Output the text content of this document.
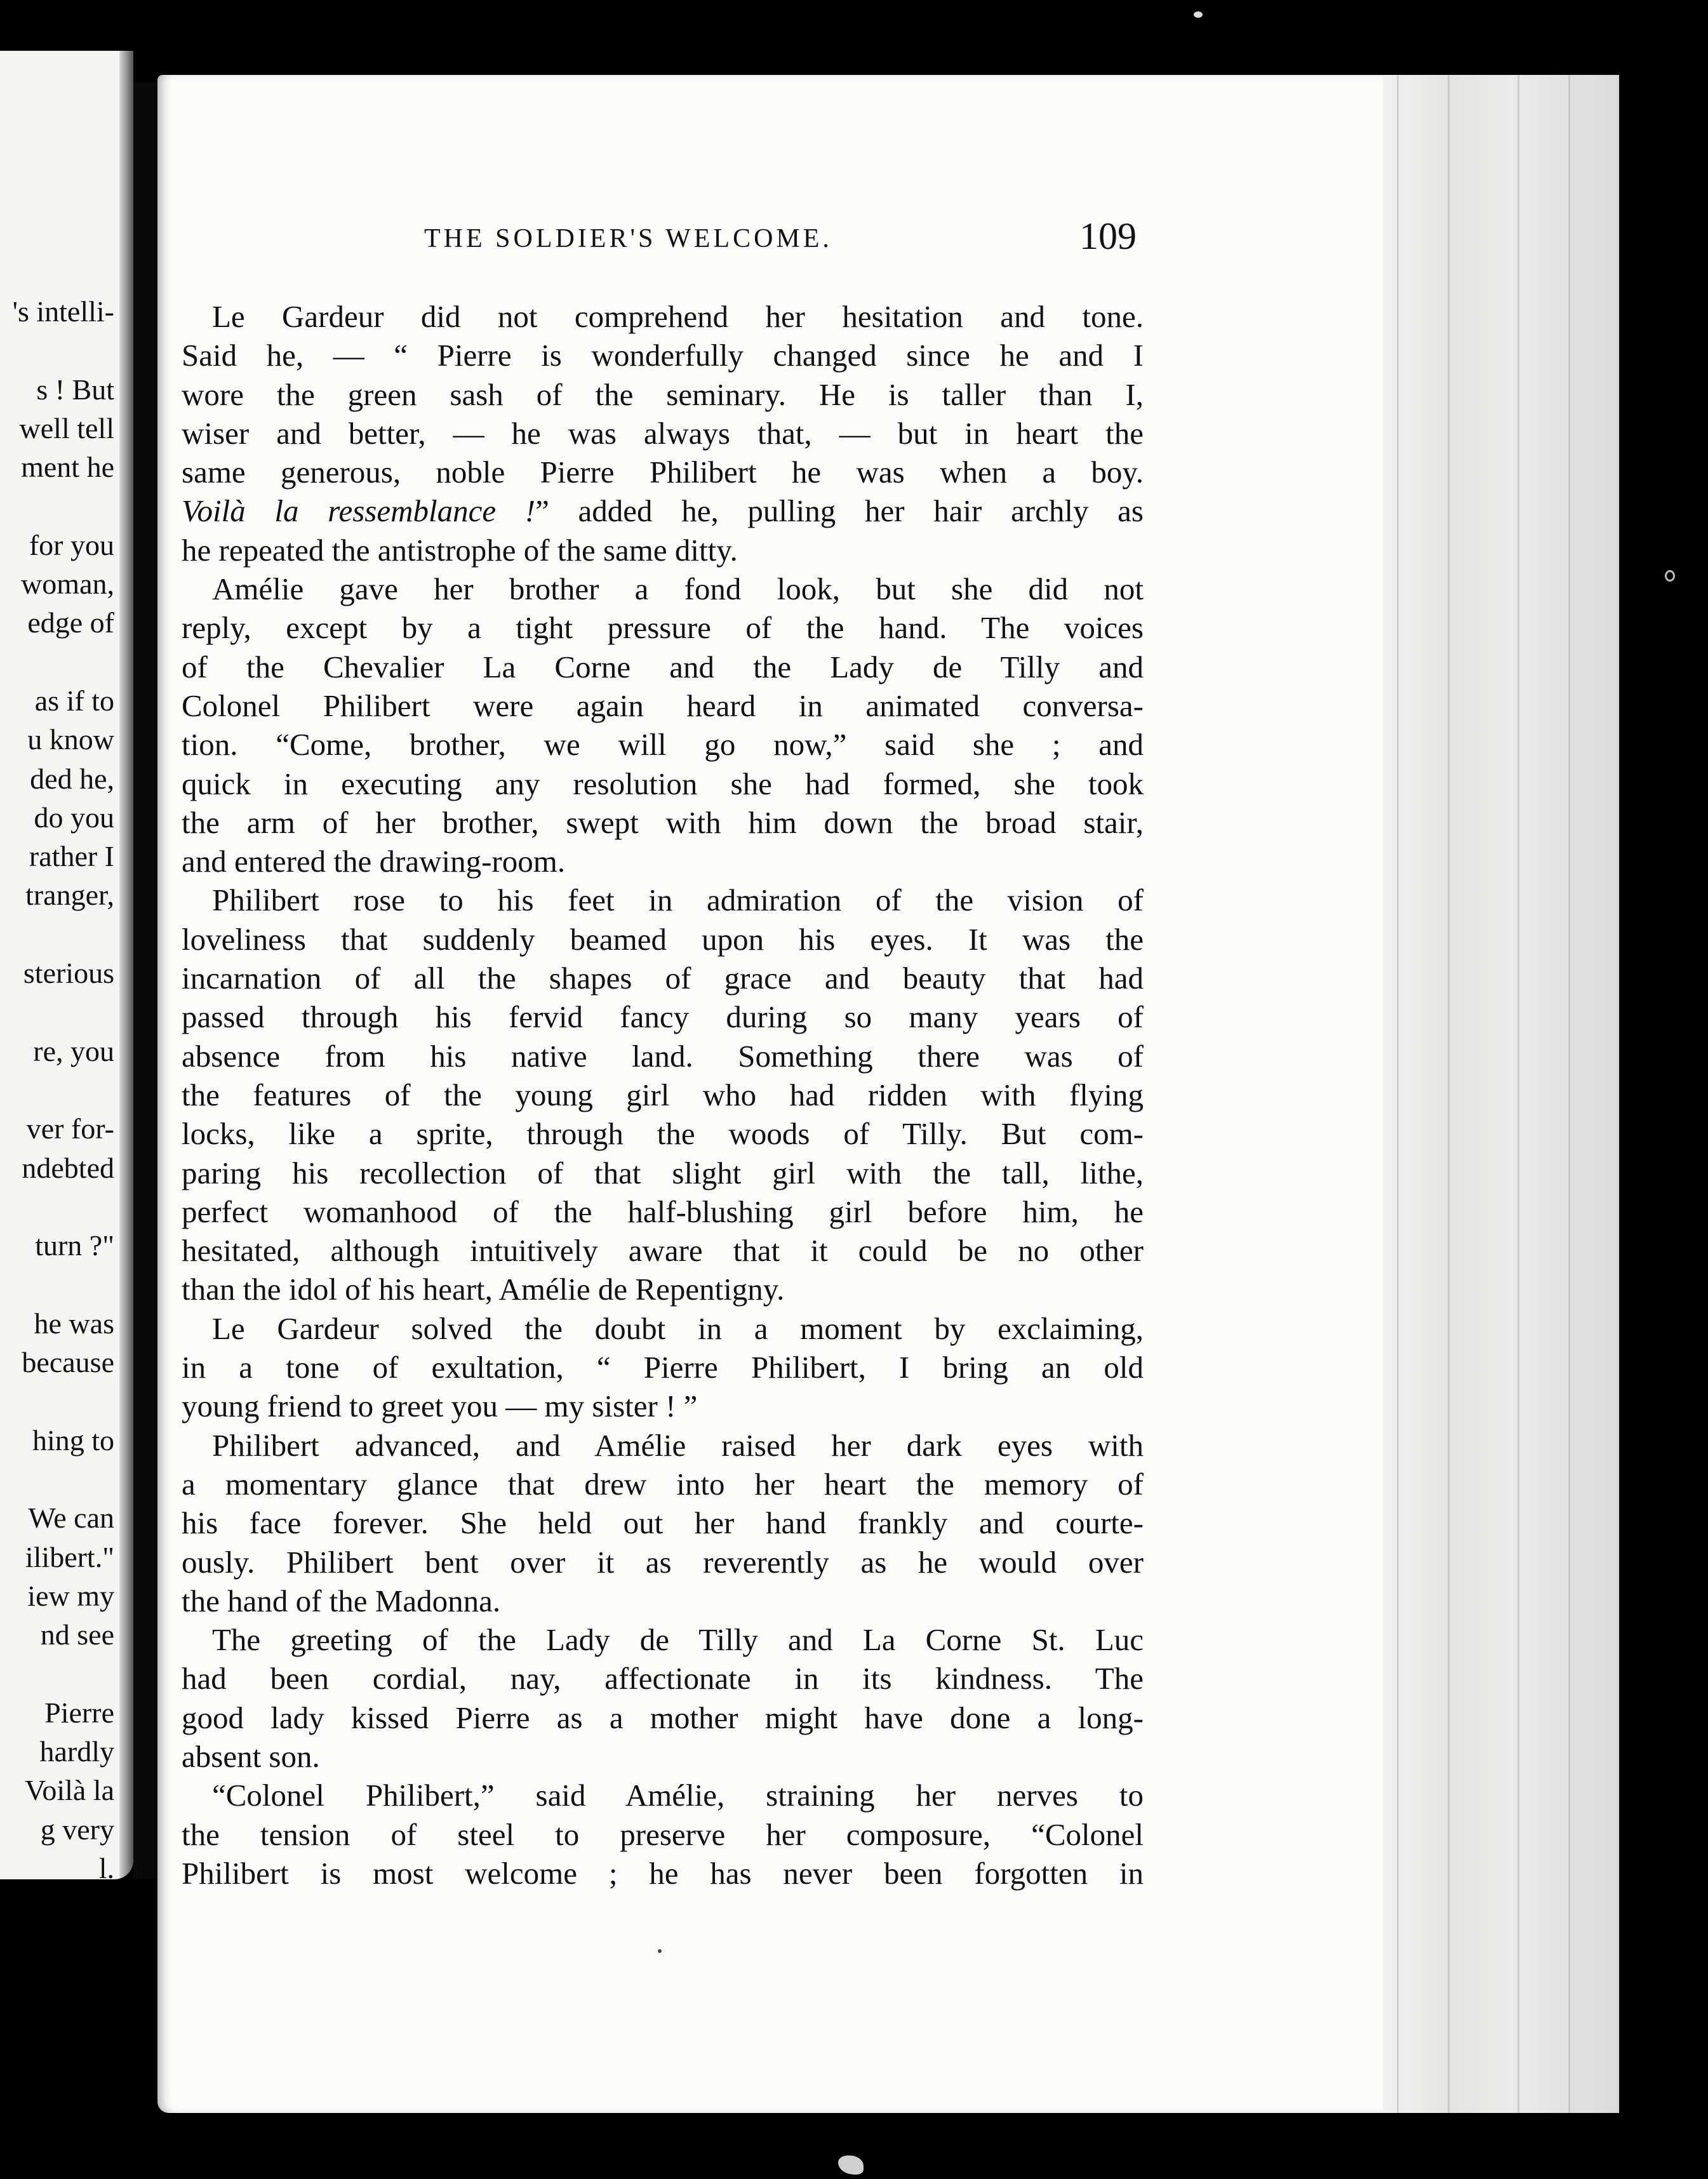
's intelli-
s ! But
well tell
ment he
for you
woman,
edge of
as if to
u know
ded he,
do you
rather I
tranger,
sterious
re, you
ver for-
ndebted
turn ?"
he was
because
hing to
We can
ilibert."
iew my
nd see
Pierre
hardly
Voilà la
g very
l.
THE SOLDIER'S WELCOME.	109
Le Gardeur did not comprehend her hesitation and tone.
Said he, — “ Pierre is wonderfully changed since he and I
wore the green sash of the seminary. He is taller than I,
wiser and better, — he was always that, — but in heart the
same generous, noble Pierre Philibert he was when a boy.
Voilà la ressemblance !” added he, pulling her hair archly as
he repeated the antistrophe of the same ditty.
Amélie gave her brother a fond look, but she did not
reply, except by a tight pressure of the hand. The voices
of the Chevalier La Corne and the Lady de Tilly and
Colonel Philibert were again heard in animated conversa-
tion. “Come, brother, we will go now,” said she ; and
quick in executing any resolution she had formed, she took
the arm of her brother, swept with him down the broad stair,
and entered the drawing-room.
Philibert rose to his feet in admiration of the vision of
loveliness that suddenly beamed upon his eyes. It was the
incarnation of all the shapes of grace and beauty that had
passed through his fervid fancy during so many years of
absence from his native land. Something there was of
the features of the young girl who had ridden with flying
locks, like a sprite, through the woods of Tilly. But com-
paring his recollection of that slight girl with the tall, lithe,
perfect womanhood of the half-blushing girl before him, he
hesitated, although intuitively aware that it could be no other
than the idol of his heart, Amélie de Repentigny.
Le Gardeur solved the doubt in a moment by exclaiming,
in a tone of exultation, “ Pierre Philibert, I bring an old
young friend to greet you — my sister ! ”
Philibert advanced, and Amélie raised her dark eyes with
a momentary glance that drew into her heart the memory of
his face forever. She held out her hand frankly and courte-
ously. Philibert bent over it as reverently as he would over
the hand of the Madonna.
The greeting of the Lady de Tilly and La Corne St. Luc
had been cordial, nay, affectionate in its kindness. The
good lady kissed Pierre as a mother might have done a long-
absent son.
“Colonel Philibert,” said Amélie, straining her nerves to
the tension of steel to preserve her composure, “Colonel
Philibert is most welcome ; he has never been forgotten in
